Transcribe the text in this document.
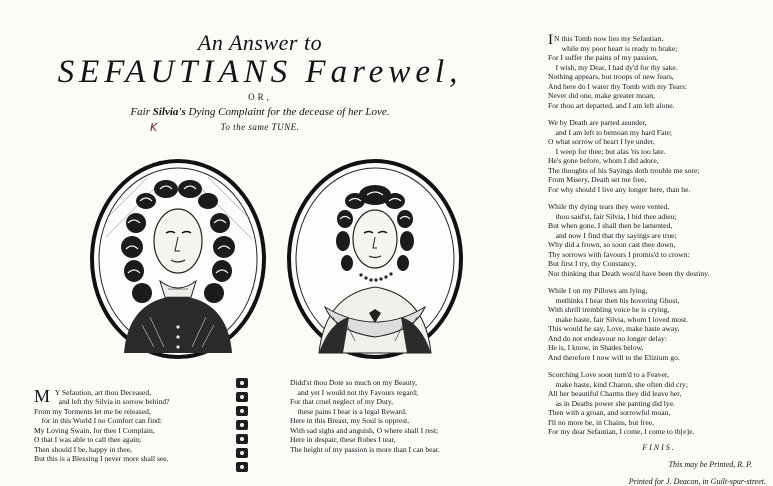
An Answer to
SEFAUTIANS Farewel,
OR,
Fair Silvia's Dying Complaint for the decease of her Love.
To the same TUNE.
K

M Y Sefaution, art thou Deceased,
and left thy Silvia in sorrow behind?
From my Torments let me be released,
for in this World I no Comfort can find:
My Loving Swain, for thee I Complain,
O that I was able to call thee again;
Then should I be, happy in thee,
But this is a Blessing I never more shall see.
Didd'st thou Dote so much on my Beauty,
and yet I would not thy Favours regard;
For that cruel neglect of my Duty,
these pains I bear is a legal Reward.
Here in this Breast, my Soul is opprest,
With sad sighs and anguish, O where shall I rest;
Here in despair, these Robes I tear,
The height of my passion is more than I can bear.
I N this Tomb now lies my Sefautian,
while my poor heart is ready to brake;
For I suffer the pains of my passion,
I wish, my Dear, I had dy'd for thy sake.
Nothing appears, but troops of new fears,
And here do I water thy Tomb with my Tears:
Never did one, make greater moan,
For thou art departed, and I am left alone.
We by Death are parted asunder,
and I am left to bemoan my hard Fate;
O what sorrow of heart I lye under,
I weep for thee; but alas 'tis too late.
He's gone before, whom I did adore,
The thoughts of his Sayings doth trouble me sore;
From Misery, Death set me free,
For why should I live any longer here, than he.
While thy dying tears they were vented,
thou said'st, fair Silvia, I bid thee adieu;
But when gone, I shall then be lamented,
and now I find that thy sayings are true;
Why did a frown, so soon cast thee down,
Thy sorrows with favours I promis'd to crown:
But first I try, thy Constancy,
Not thinking that Death wou'd have been thy destiny.
While I on my Pillows am lying,
methinks I hear then his hovering Ghost,
With shrill trembling voice he is crying,
make haste, fair Silvia, whom I loved most.
This would he say, Love, make haste away,
And do not endeavour no longer delay:
He is, I know, in Shades below,
And therefore I now will to the Elizium go.
Scorching Love soon turn'd to a Feaver,
make haste, kind Charon, she often did cry;
All her beautiful Charms they did leave her,
as in Deaths power she panting did lye.
Then with a groan, and sorrowful moan,
I'll no more be, in Chains, but free,
For my dear Sefautian, I come, I come to th[e]e.
FINIS.
This may be Printed, R. P.
Printed for J. Deacon, in Guilt-spur-street.
